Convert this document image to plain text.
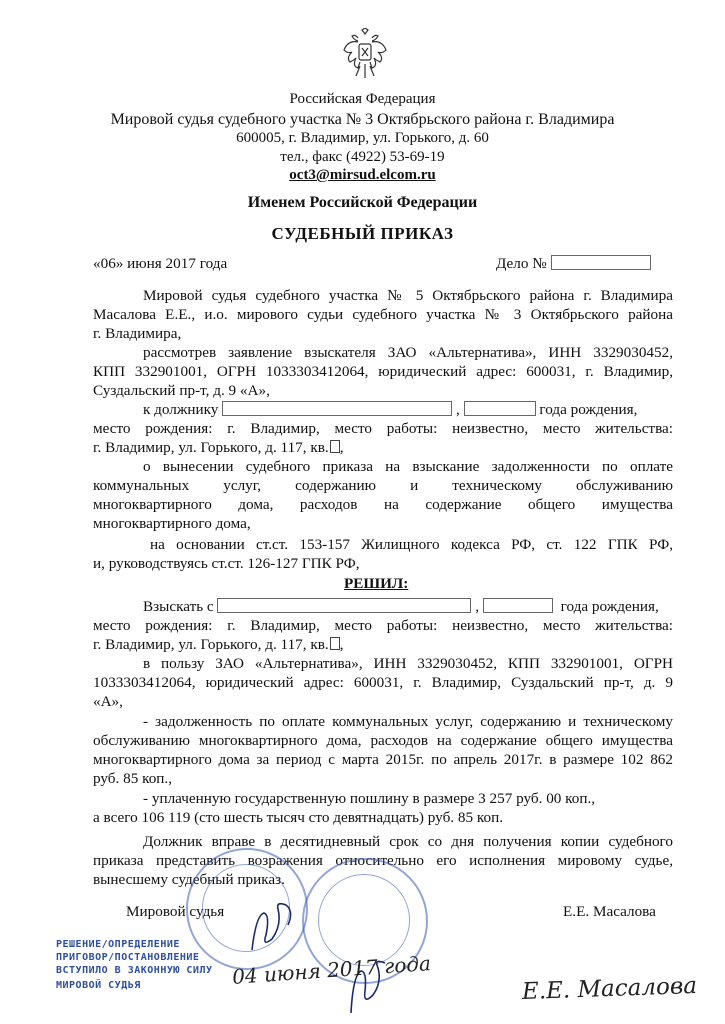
Российская Федерация
Мировой судья судебного участка № 3 Октябрьского района г. Владимира
600005, г. Владимир, ул. Горького, д. 60
тел., факс (4922) 53-69-19
oct3@mirsud.elcom.ru
Именем Российской Федерации
СУДЕБНЫЙ ПРИКАЗ
«06» июня 2017 года	Дело №
Мировой судья судебного участка № 5 Октябрьского района г. Владимира
Масалова Е.Е., и.о. мирового судьи судебного участка № 3 Октябрьского района
г. Владимира,
рассмотрев заявление взыскателя ЗАО «Альтернатива», ИНН 3329030452,
КПП 332901001, ОГРН 1033303412064, юридический адрес: 600031, г. Владимир,
Суздальский пр-т, д. 9 «А»,
к должнику	,	года рождения,
место рождения: г. Владимир, место работы: неизвестно, место жительства:
г. Владимир, ул. Горького, д. 117, кв. ,
о вынесении судебного приказа на взыскание задолженности по оплате
коммунальных услуг, содержанию и техническому обслуживанию
многоквартирного дома, расходов на содержание общего имущества
многоквартирного дома,
на основании ст.ст. 153-157 Жилищного кодекса РФ, ст. 122 ГПК РФ,
и, руководствуясь ст.ст. 126-127 ГПК РФ,
РЕШИЛ:
Взыскать с	,	года рождения,
место рождения: г. Владимир, место работы: неизвестно, место жительства:
г. Владимир, ул. Горького, д. 117, кв. ,
в пользу ЗАО «Альтернатива», ИНН 3329030452, КПП 332901001, ОГРН
1033303412064, юридический адрес: 600031, г. Владимир, Суздальский пр-т, д. 9
«А»,
- задолженность по оплате коммунальных услуг, содержанию и техническому
обслуживанию многоквартирного дома, расходов на содержание общего имущества
многоквартирного дома за период с марта 2015г. по апрель 2017г. в размере 102 862
руб. 85 коп.,
- уплаченную государственную пошлину в размере 3 257 руб. 00 коп.,
а всего 106 119 (сто шесть тысяч сто девятнадцать) руб. 85 коп.
Должник вправе в десятидневный срок со дня получения копии судебного
приказа представить возражения относительно его исполнения мировому судье,
вынесшему судебный приказ.
Мировой судья	Е.Е. Масалова
РЕШЕНИЕ/ОПРЕДЕЛЕНИЕ
ПРИГОВОР/ПОСТАНОВЛЕНИЕ
ВСТУПИЛО В ЗАКОННУЮ СИЛУ
МИРОВОЙ СУДЬЯ	04 июня 2017 года
Е.Е. Масалова
